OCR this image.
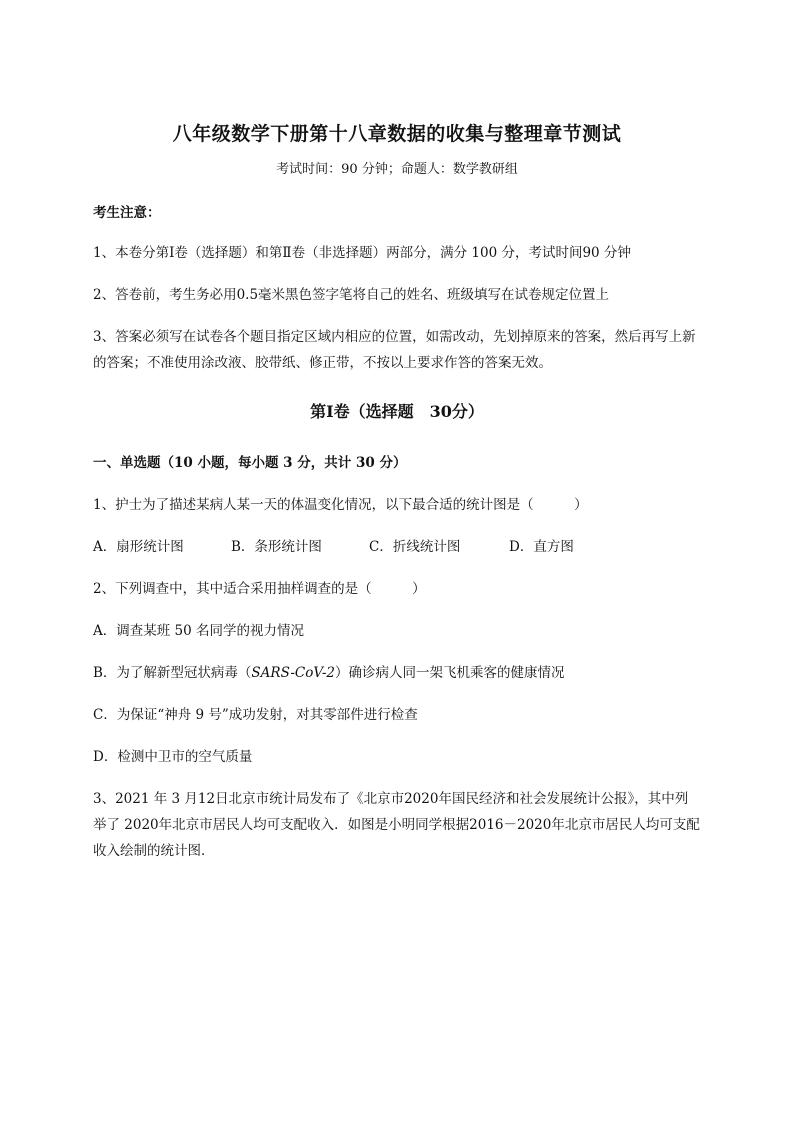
八年级数学下册第十八章数据的收集与整理章节测试
考试时间：90 分钟；命题人：数学教研组
考生注意：
1、本卷分第Ⅰ卷（选择题）和第Ⅱ卷（非选择题）两部分，满分 100 分，考试时间90 分钟
2、答卷前，考生务必用0.5毫米黑色签字笔将自己的姓名、班级填写在试卷规定位置上
3、答案必须写在试卷各个题目指定区域内相应的位置，如需改动，先划掉原来的答案，然后再写上新
的答案；不准使用涂改液、胶带纸、修正带，不按以上要求作答的答案无效。
第Ⅰ卷（选择题　30分）
一、单选题（10 小题，每小题 3 分，共计 30 分）
1、护士为了描述某病人某一天的体温变化情况，以下最合适的统计图是（　　　）
A．扇形统计图	B．条形统计图	C．折线统计图	D．直方图
2、下列调查中，其中适合采用抽样调查的是（　　　）
A．调查某班 50 名同学的视力情况
B．为了解新型冠状病毒（SARS-CoV-2）确诊病人同一架飞机乘客的健康情况
C．为保证“神舟 9 号”成功发射，对其零部件进行检查
D．检测中卫市的空气质量
3、2021 年 3 月12日北京市统计局发布了《北京市2020年国民经济和社会发展统计公报》，其中列
举了 2020年北京市居民人均可支配收入．如图是小明同学根据2016－2020年北京市居民人均可支配
收入绘制的统计图．
